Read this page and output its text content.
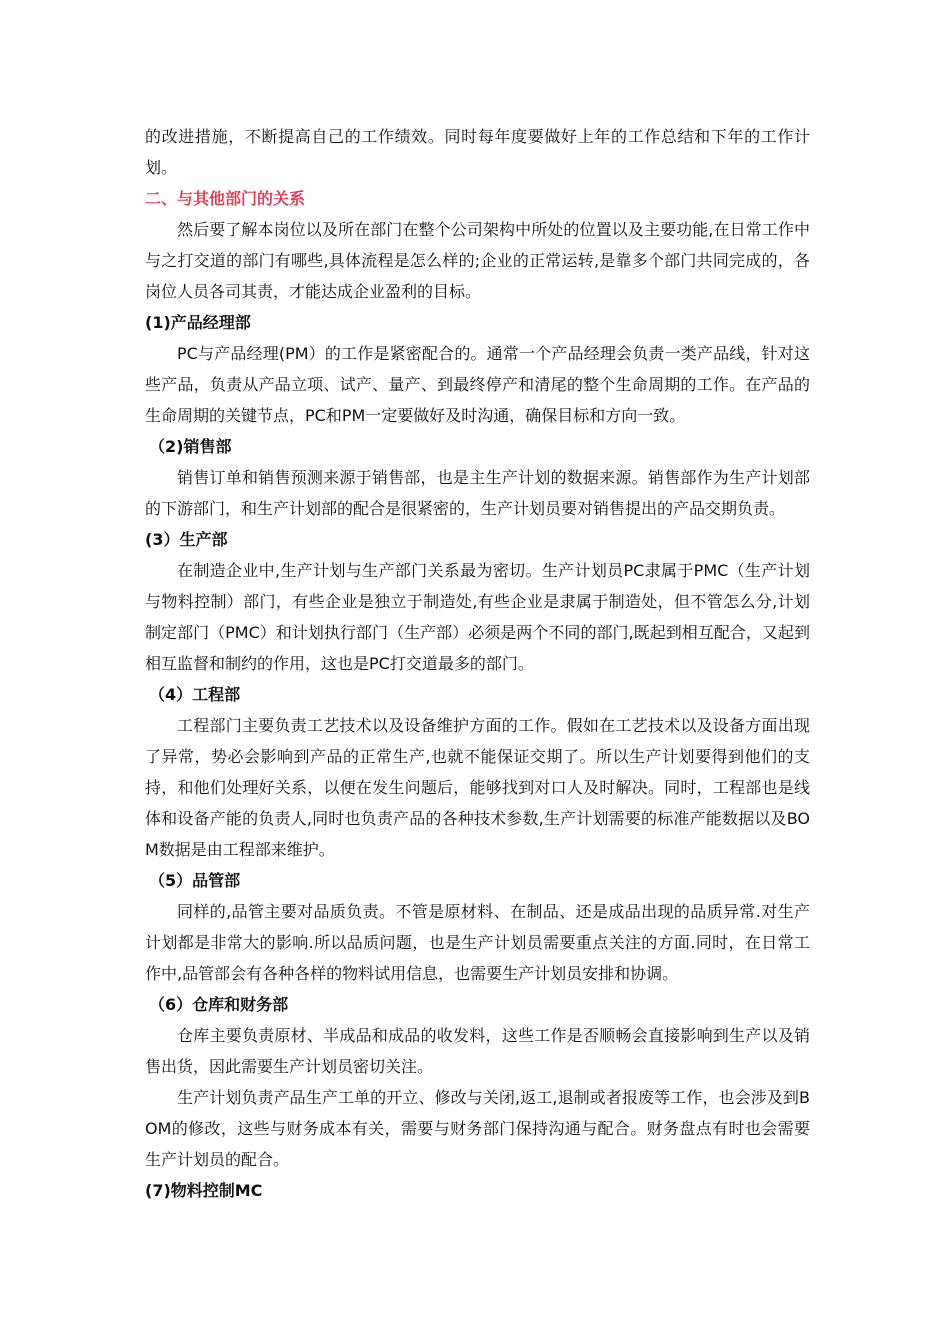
的改进措施，不断提高自己的工作绩效。同时每年度要做好上年的工作总结和下年的工作计划。

二、与其他部门的关系

然后要了解本岗位以及所在部门在整个公司架构中所处的位置以及主要功能,在日常工作中与之打交道的部门有哪些,具体流程是怎么样的;企业的正常运转,是靠多个部门共同完成的，各岗位人员各司其责，才能达成企业盈利的目标。

(1)产品经理部

PC与产品经理(PM）的工作是紧密配合的。通常一个产品经理会负责一类产品线，针对这些产品，负责从产品立项、试产、量产、到最终停产和清尾的整个生命周期的工作。在产品的生命周期的关键节点，PC和PM一定要做好及时沟通，确保目标和方向一致。

（2)销售部

销售订单和销售预测来源于销售部，也是主生产计划的数据来源。销售部作为生产计划部的下游部门，和生产计划部的配合是很紧密的，生产计划员要对销售提出的产品交期负责。

(3）生产部

在制造企业中,生产计划与生产部门关系最为密切。生产计划员PC隶属于PMC（生产计划与物料控制）部门，有些企业是独立于制造处,有些企业是隶属于制造处，但不管怎么分,计划制定部门（PMC）和计划执行部门（生产部）必须是两个不同的部门,既起到相互配合，又起到相互监督和制约的作用，这也是PC打交道最多的部门。

（4）工程部

工程部门主要负责工艺技术以及设备维护方面的工作。假如在工艺技术以及设备方面出现了异常，势必会影响到产品的正常生产,也就不能保证交期了。所以生产计划要得到他们的支持，和他们处理好关系，以便在发生问题后，能够找到对口人及时解决。同时，工程部也是线体和设备产能的负责人,同时也负责产品的各种技术参数,生产计划需要的标准产能数据以及BOM数据是由工程部来维护。

（5）品管部

同样的,品管主要对品质负责。不管是原材料、在制品、还是成品出现的品质异常.对生产计划都是非常大的影响.所以品质问题，也是生产计划员需要重点关注的方面.同时，在日常工作中,品管部会有各种各样的物料试用信息，也需要生产计划员安排和协调。

（6）仓库和财务部

仓库主要负责原材、半成品和成品的收发料，这些工作是否顺畅会直接影响到生产以及销售出货，因此需要生产计划员密切关注。

生产计划负责产品生产工单的开立、修改与关闭,返工,退制或者报废等工作，也会涉及到BOM的修改，这些与财务成本有关，需要与财务部门保持沟通与配合。财务盘点有时也会需要生产计划员的配合。

(7)物料控制MC
